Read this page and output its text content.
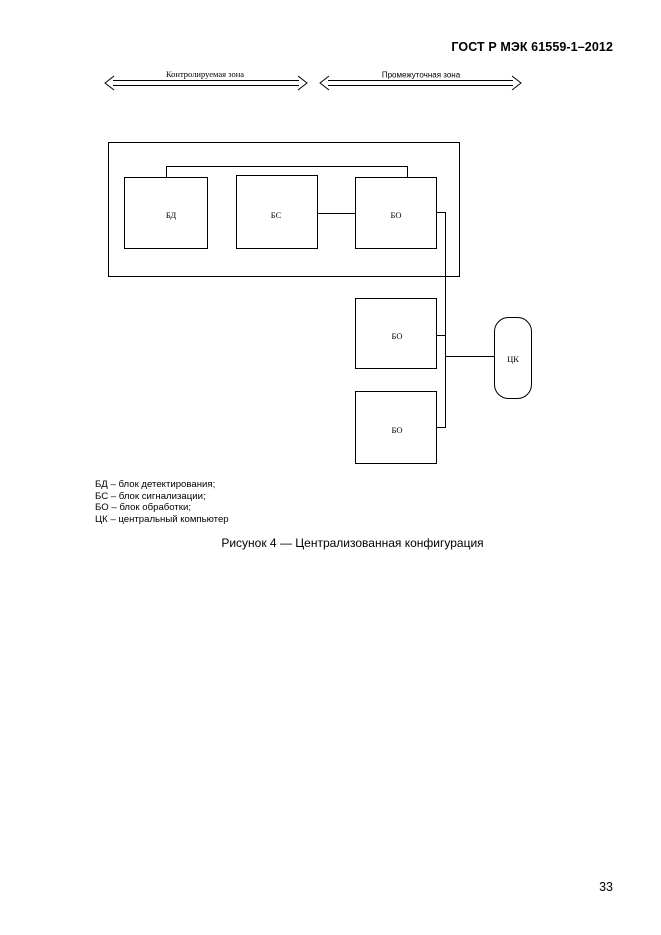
ГОСТ Р МЭК 61559-1–2012
Контролируемая зона	Промежуточная зона
БД	БС	БО
БО
БО
ЦК
БД – блок детектирования;
БС – блок сигнализации;
БО – блок обработки;
ЦК – центральный компьютер
Рисунок 4 — Централизованная конфигурация
33
